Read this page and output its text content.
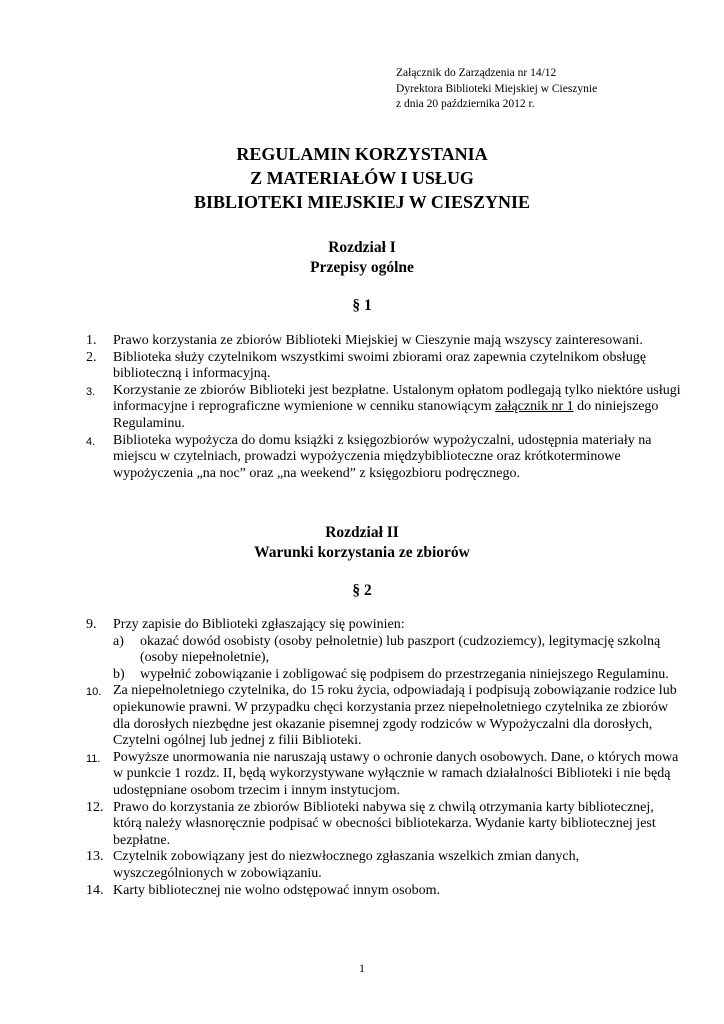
Załącznik do Zarządzenia nr 14/12
Dyrektora Biblioteki Miejskiej w Cieszynie
z dnia 20 października 2012 r.
REGULAMIN KORZYSTANIA
Z MATERIAŁÓW I USŁUG
BIBLIOTEKI MIEJSKIEJ W CIESZYNIE
Rozdział I
Przepisy ogólne
§ 1
1. Prawo korzystania ze zbiorów Biblioteki Miejskiej w Cieszynie mają wszyscy zainteresowani.
2. Biblioteka służy czytelnikom wszystkimi swoimi zbiorami oraz zapewnia czytelnikom obsługę biblioteczną i informacyjną.
3. Korzystanie ze zbiorów Biblioteki jest bezpłatne. Ustalonym opłatom podlegają tylko niektóre usługi informacyjne i reprograficzne wymienione w cenniku stanowiącym załącznik nr 1 do niniejszego Regulaminu.
4. Biblioteka wypożycza do domu książki z księgozbiorów wypożyczalni, udostępnia materiały na miejscu w czytelniach, prowadzi wypożyczenia międzybiblioteczne oraz krótkoterminowe wypożyczenia „na noc” oraz „na weekend” z księgozbioru podręcznego.
Rozdział II
Warunki korzystania ze zbiorów
§ 2
9. Przy zapisie do Biblioteki zgłaszający się powinien:
a) okazać dowód osobisty (osoby pełnoletnie) lub paszport (cudzoziemcy), legitymację szkolną (osoby niepełnoletnie),
b) wypełnić zobowiązanie i zobligować się podpisem do przestrzegania niniejszego Regulaminu.
10. Za niepełnoletniego czytelnika, do 15 roku życia, odpowiadają i podpisują zobowiązanie rodzice lub opiekunowie prawni. W przypadku chęci korzystania przez niepełnoletniego czytelnika ze zbiorów dla dorosłych niezbędne jest okazanie pisemnej zgody rodziców w Wypożyczalni dla dorosłych, Czytelni ogólnej lub jednej z filii Biblioteki.
11. Powyższe unormowania nie naruszają ustawy o ochronie danych osobowych. Dane, o których mowa w punkcie 1 rozdz. II, będą wykorzystywane wyłącznie w ramach działalności Biblioteki i nie będą udostępniane osobom trzecim i innym instytucjom.
12. Prawo do korzystania ze zbiorów Biblioteki nabywa się z chwilą otrzymania karty bibliotecznej, którą należy własnoręcznie podpisać w obecności bibliotekarza. Wydanie karty bibliotecznej jest bezpłatne.
13. Czytelnik zobowiązany jest do niezwłocznego zgłaszania wszelkich zmian danych, wyszczególnionych w zobowiązaniu.
14. Karty bibliotecznej nie wolno odstępować innym osobom.
1
